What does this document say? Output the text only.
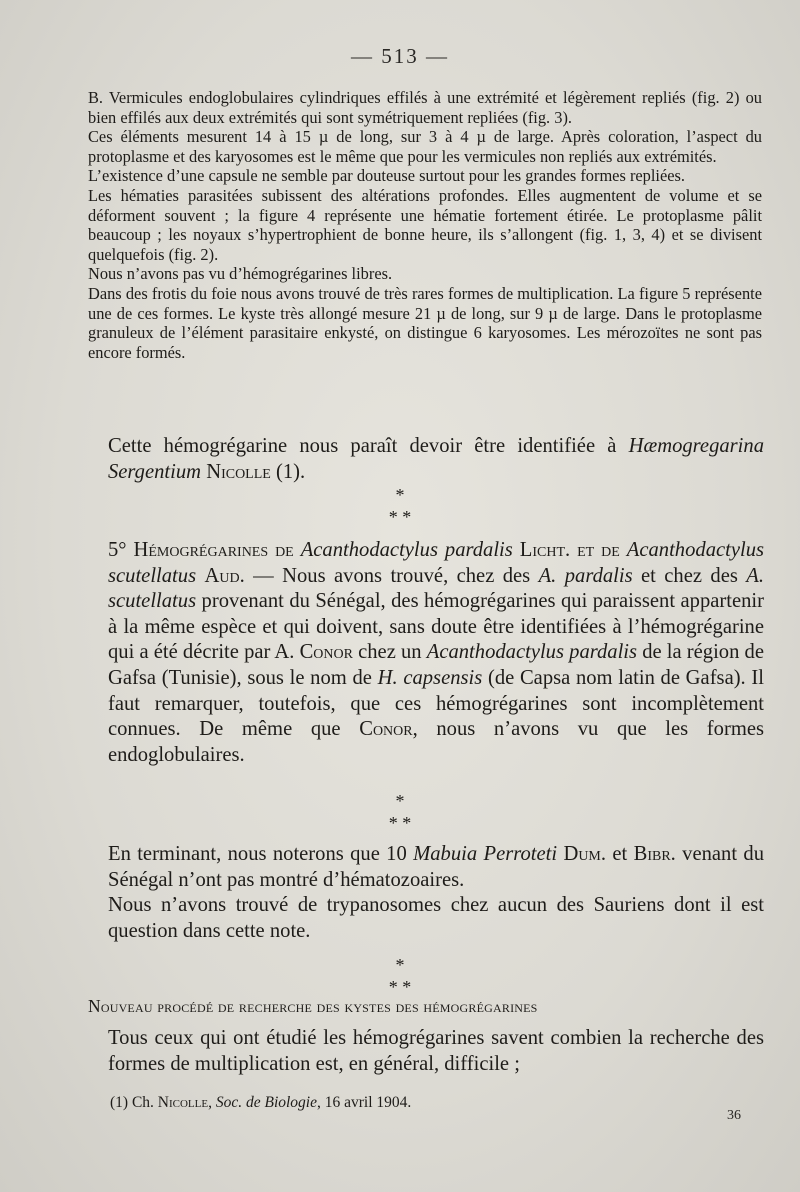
— 513 —

B. Vermicules endoglobulaires cylindriques effilés à une extrémité et légèrement repliés (fig. 2) ou bien effilés aux deux extrémités qui sont symétriquement repliées (fig. 3).

Ces éléments mesurent 14 à 15 µ de long, sur 3 à 4 µ de large. Après coloration, l’aspect du protoplasme et des karyosomes est le même que pour les vermicules non repliés aux extrémités.

L’existence d’une capsule ne semble par douteuse surtout pour les grandes formes repliées.

Les hématies parasitées subissent des altérations profondes. Elles augmentent de volume et se déforment souvent ; la figure 4 représente une hématie fortement étirée. Le protoplasme pâlit beaucoup ; les noyaux s’hypertrophient de bonne heure, ils s’allongent (fig. 1, 3, 4) et se divisent quelquefois (fig. 2).

Nous n’avons pas vu d’hémogrégarines libres.

Dans des frotis du foie nous avons trouvé de très rares formes de multiplication. La figure 5 représente une de ces formes. Le kyste très allongé mesure 21 µ de long, sur 9 µ de large. Dans le protoplasme granuleux de l’élément parasitaire enkysté, on distingue 6 karyosomes. Les mérozoïtes ne sont pas encore formés.

Cette hémogrégarine nous paraît devoir être identifiée à Hæmogregarina Sergentium Nicolle (1).

*
* *

5° Hémogrégarines de Acanthodactylus pardalis Licht. et de Acanthodactylus scutellatus Aud. — Nous avons trouvé, chez des A. pardalis et chez des A. scutellatus provenant du Sénégal, des hémogrégarines qui paraissent appartenir à la même espèce et qui doivent, sans doute être identifiées à l’hémogrégarine qui a été décrite par A. Conor chez un Acanthodactylus pardalis de la région de Gafsa (Tunisie), sous le nom de H. capsensis (de Capsa nom latin de Gafsa). Il faut remarquer, toutefois, que ces hémogrégarines sont incomplètement connues. De même que Conor, nous n’avons vu que les formes endoglobulaires.

*
* *

En terminant, nous noterons que 10 Mabuia Perroteti Dum. et Bibr. venant du Sénégal n’ont pas montré d’hématozoaires.

Nous n’avons trouvé de trypanosomes chez aucun des Sauriens dont il est question dans cette note.

*
* *
Nouveau procédé de recherche des kystes des hémogrégarines

Tous ceux qui ont étudié les hémogrégarines savent combien la recherche des formes de multiplication est, en général, difficile ;

(1) Ch. Nicolle, Soc. de Biologie, 16 avril 1904.
36
